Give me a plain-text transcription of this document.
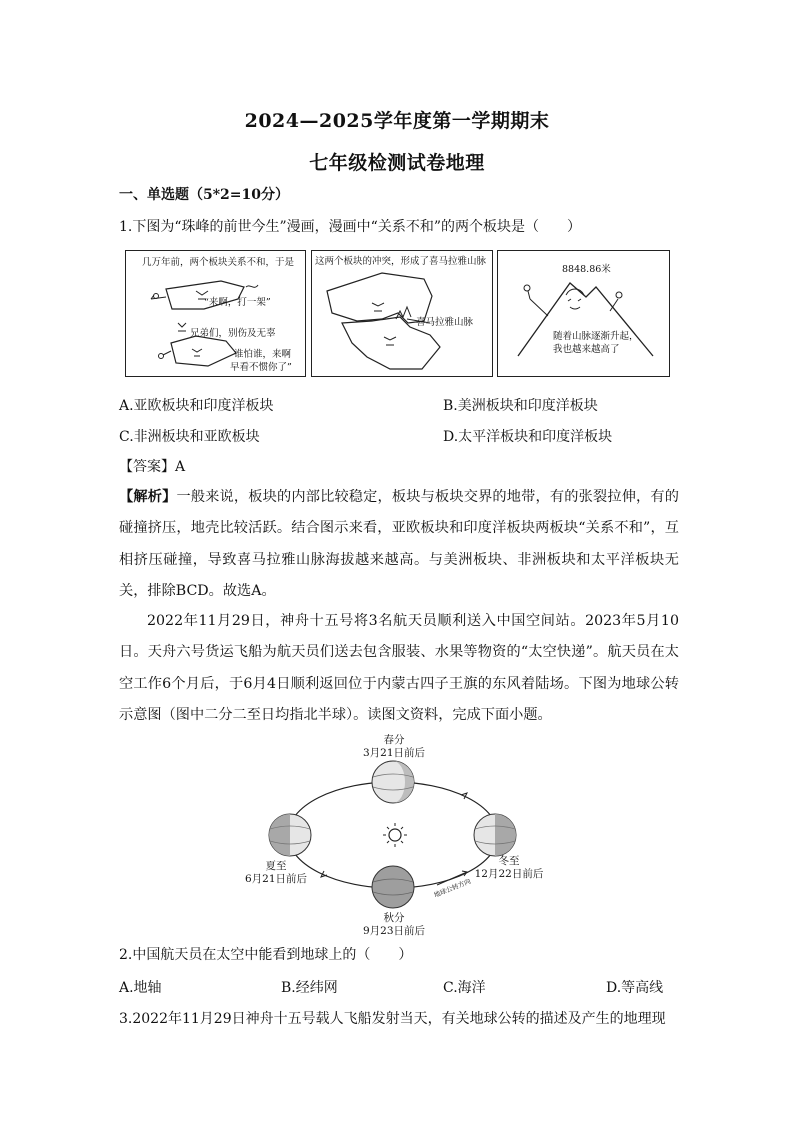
2024—2025学年度第一学期期末
七年级检测试卷地理
一、单选题（5*2=10分）
1.下图为“珠峰的前世今生”漫画，漫画中“关系不和”的两个板块是（　　）
几万年前，两个板块关系不和，于是
“来啊，打一架”
兄弟们，别伤及无辜
谁怕谁，来啊
早看不惯你了”
这两个板块的冲突，形成了喜马拉雅山脉
喜马拉雅山脉
8848.86米
随着山脉逐渐升起，
我也越来越高了
A.亚欧板块和印度洋板块	B.美洲板块和印度洋板块
C.非洲板块和亚欧板块	D.太平洋板块和印度洋板块
【答案】A
【解析】一般来说，板块的内部比较稳定，板块与板块交界的地带，有的张裂拉伸，有的碰撞挤压，地壳比较活跃。结合图示来看，亚欧板块和印度洋板块两板块“关系不和”，互相挤压碰撞，导致喜马拉雅山脉海拔越来越高。与美洲板块、非洲板块和太平洋板块无关，排除BCD。故选A。
2022年11月29日，神舟十五号将3名航天员顺利送入中国空间站。2023年5月10日。天舟六号货运飞船为航天员们送去包含服装、水果等物资的“太空快递”。航天员在太空工作6个月后，于6月4日顺利返回位于内蒙古四子王旗的东风着陆场。下图为地球公转示意图（图中二分二至日均指北半球）。读图文资料，完成下面小题。
春分
3月21日前后
夏至
6月21日前后
冬至
12月22日前后
秋分
9月23日前后
地球公转方向
2.中国航天员在太空中能看到地球上的（　　）
A.地轴	B.经纬网	C.海洋	D.等高线
3.2022年11月29日神舟十五号载人飞船发射当天，有关地球公转的描述及产生的地理现
